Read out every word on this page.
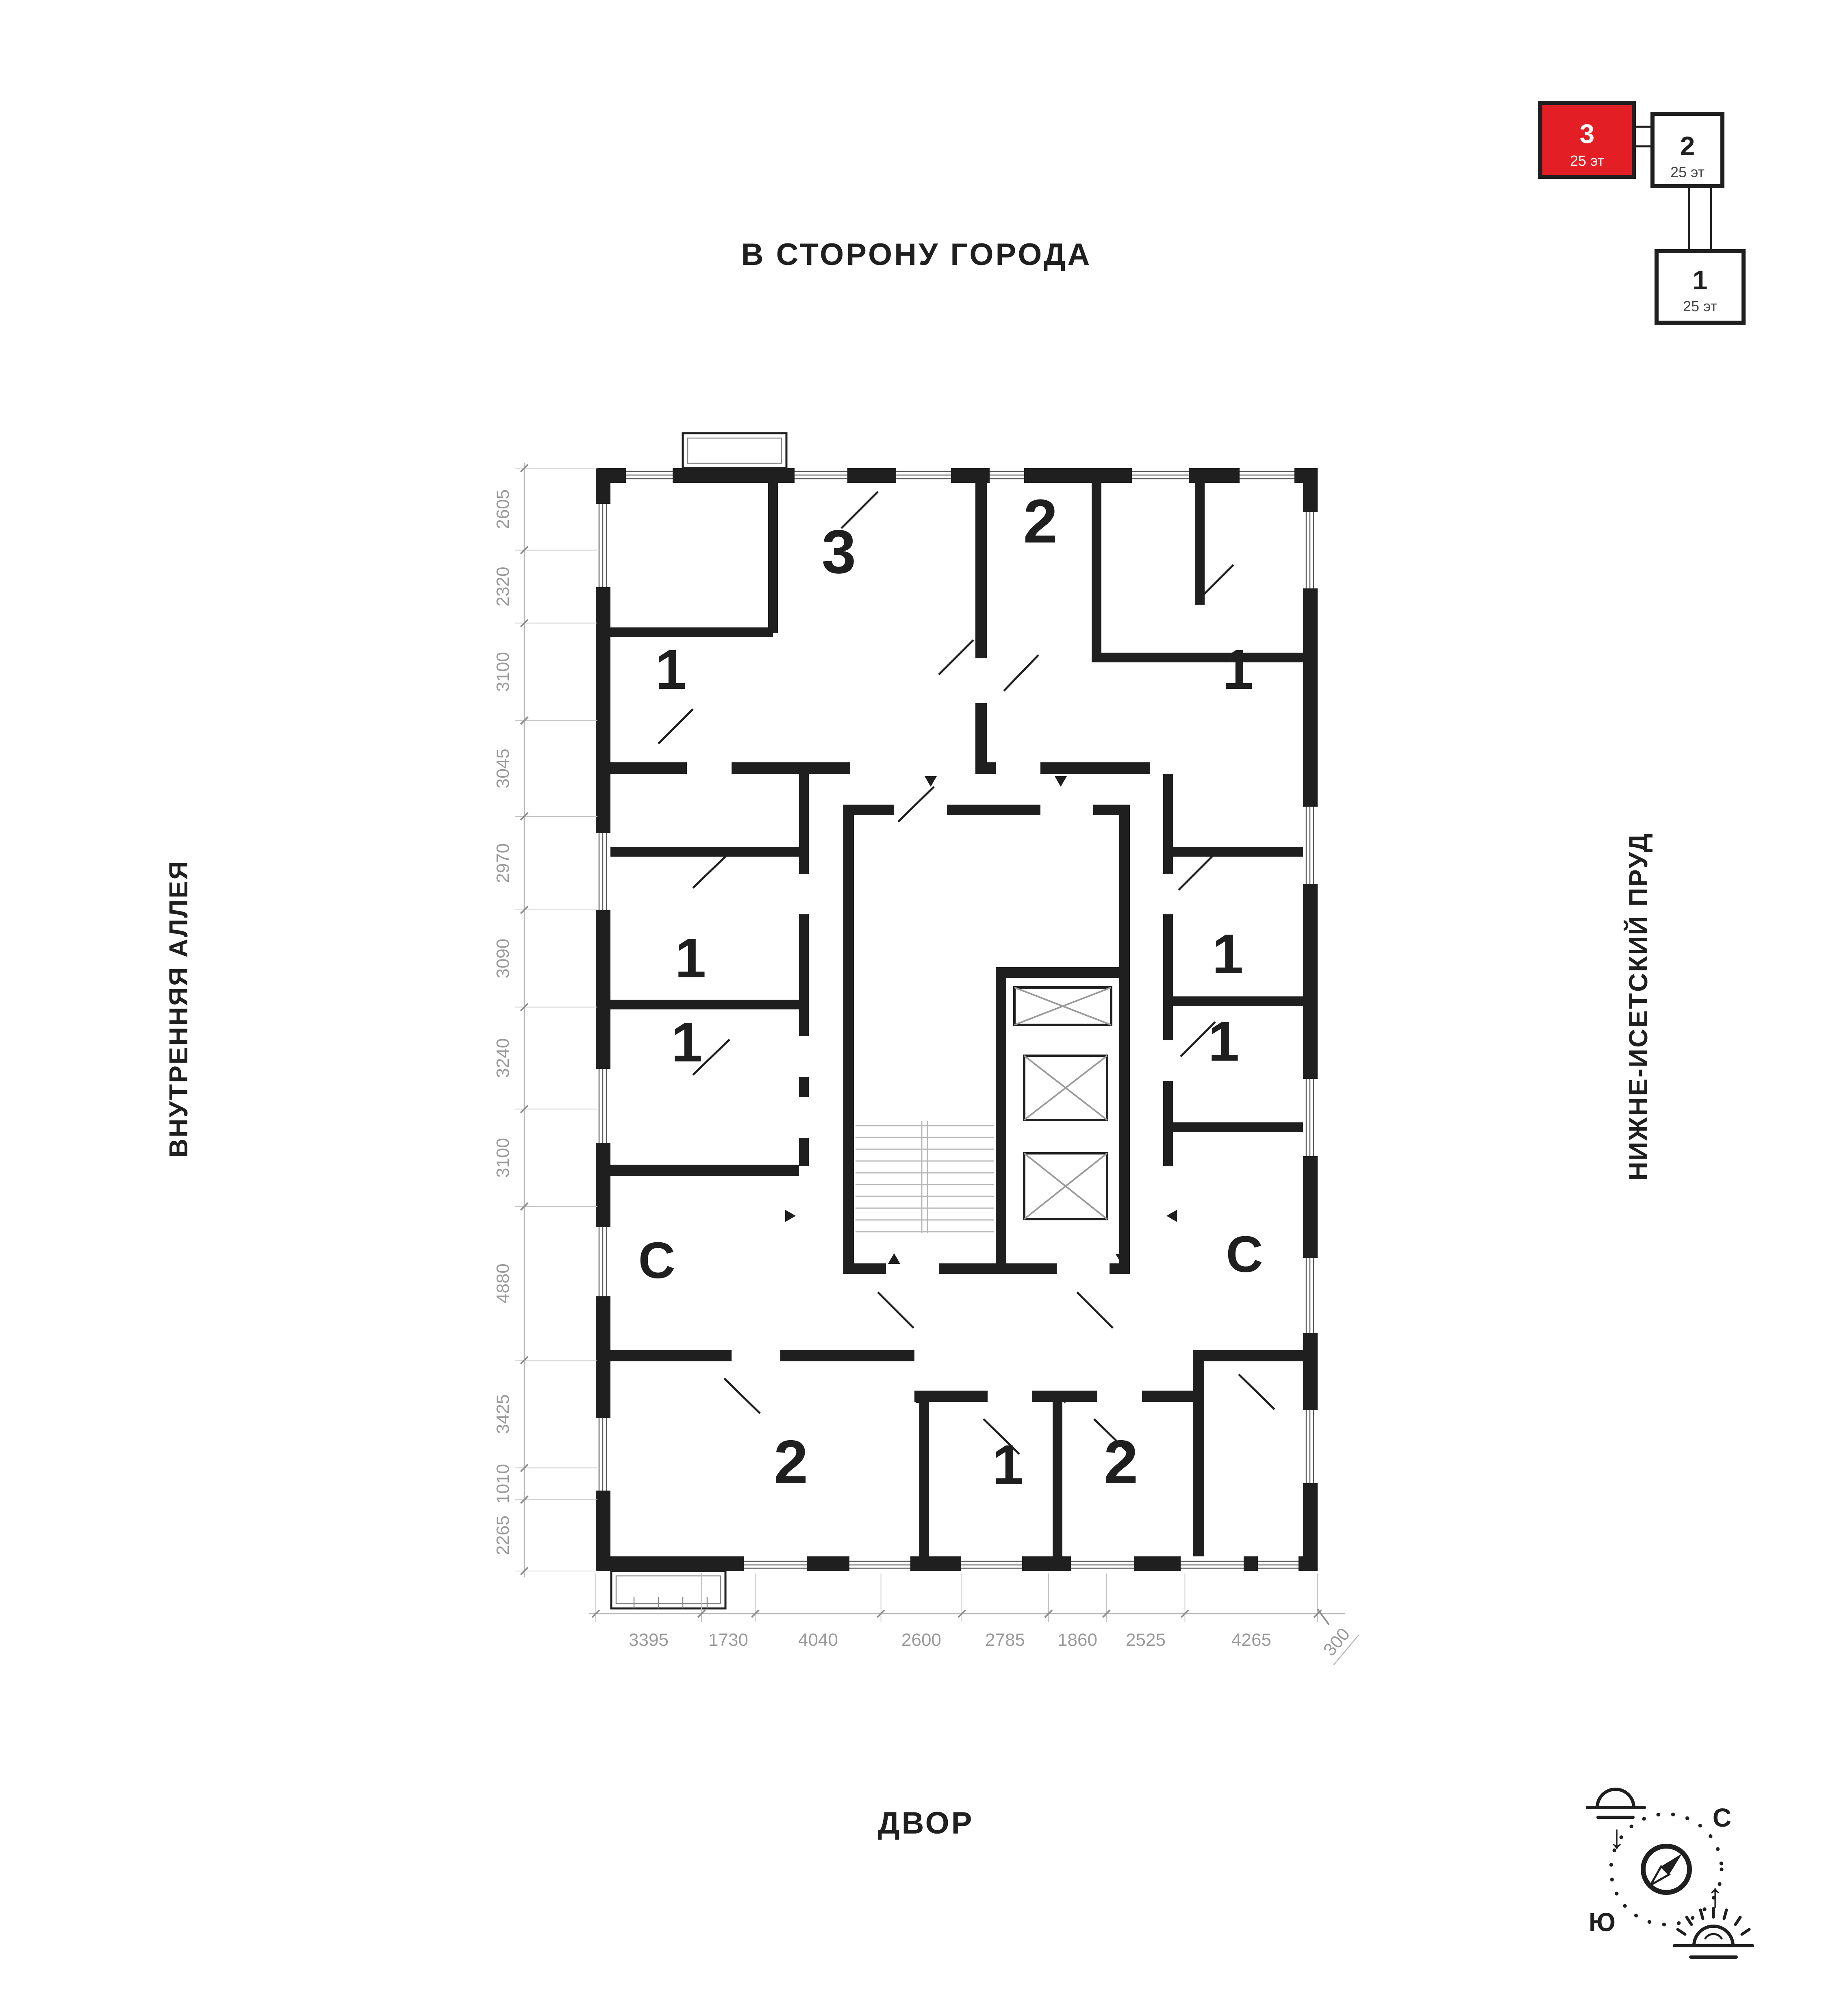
В СТОРОНУ ГОРОДА
ДВОР
ВНУТРЕННЯЯ АЛЛЕЯ	НИЖНЕ-ИСЕТСКИЙ ПРУД
3	2
1	1
1	1
1	1
С	С
2	1 2
2605
2320
3100
3045
2970
3090
3240
3100
4880
3425
1010
2265
3395 1730	4040	2600 2785 1860 2525	4265	300
3
25 эт	2
25 эт
1
25 эт
С
Ю
↓
↑
